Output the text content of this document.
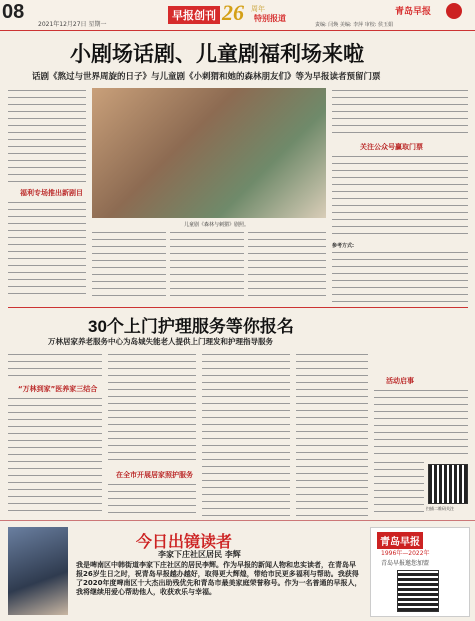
08
2021年12月27日 星期一
早报创刊 26 周年
特别报道
青岛早报
责编: 闫焕 美编: 李萍 审校: 侯玉娟
小剧场话剧、儿童剧福利场来啦
话剧《熬过与世界周旋的日子》与儿童剧《小刺猬和她的森林朋友们》等为早报读者预留门票
福利专场推出新剧目
儿童剧《森林与刺猬》剧照。
关注公众号赢取门票
参考方式:
30个上门护理服务等你报名
万林居家养老服务中心为岛城失能老人提供上门理发和护理指导服务
“万林到家”医养家三结合
在全市开展居家照护服务
活动启事
扫描二维码关注
今日出镜读者
李家下庄社区居民 李辉
我是啤南区中韩街道李家下庄社区的居民李辉。作为早报的新闻人物和忠实读者，在青岛早报26岁生日之时，祝青岛早报越办越好，取得更大辉煌，带给市民更多福利与帮助。我获得了2020年度啤南区十大杰出助残优先和青岛市最美家庭荣誉称号。作为一名普通的早报人，我将继续用爱心帮助他人，收获欢乐与幸福。
青岛早报
1996年—2022年
青岛早报邀您加盟
